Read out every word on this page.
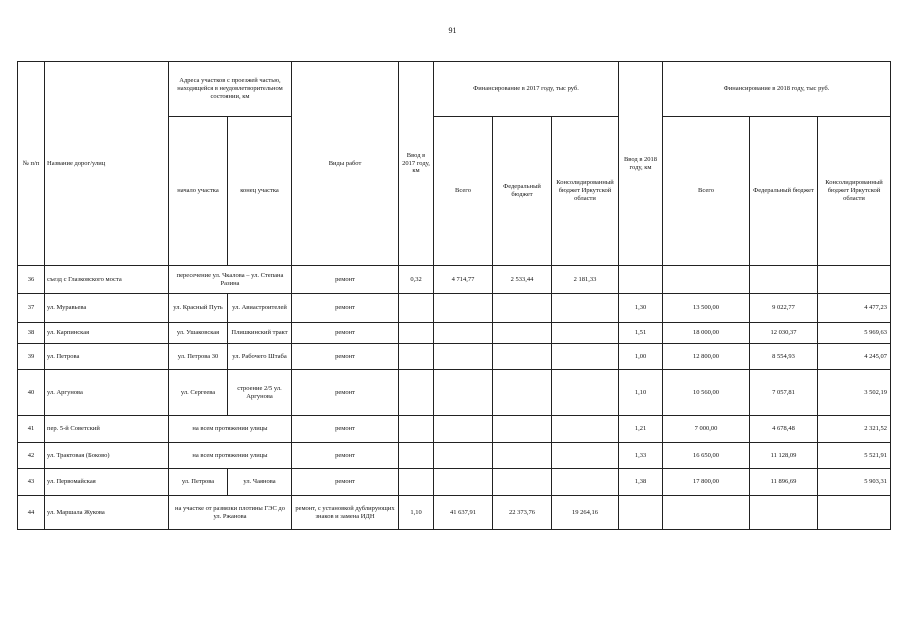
91
№ п/п	Название дорог/улиц	Адреса участков с проезжей частью, находящейся в неудовлетворительном состоянии, км		Виды работ	Ввод в 2017 году, км	Финансирование в 2017 году, тыс руб.			Ввод в 2018 году, км	Финансирование в 2018 году, тыс руб.		
		начало участка	конец участка			Всего	Федеральный бюджет	Консолидированный бюджет Иркутской области		Всего	Федеральный бюджет	Консолидированный бюджет Иркутской области
36	съезд с Глазковского моста	пересечение ул. Чкалова – ул. Степана Разина		ремонт	0,32	4 714,77	2 533,44	2 181,33				
37	ул. Муравьева	ул. Красный Путь	ул. Авиастроителей	ремонт					1,30	13 500,00	9 022,77	4 477,23
38	ул. Карпинская	ул. Ушаковская	Плишкинский тракт	ремонт					1,51	18 000,00	12 030,37	5 969,63
39	ул. Петрова	ул. Петрова 30	ул. Рабочего Штаба	ремонт					1,00	12 800,00	8 554,93	4 245,07
40	ул. Аргунова	ул. Сергеева	строение 2/5 ул. Аргунова	ремонт					1,10	10 560,00	7 057,81	3 502,19
41	пер. 5-й Советский	на всем протяжении улицы		ремонт					1,21	7 000,00	4 678,48	2 321,52
42	ул. Трактовая (Боково)	на всем протяжении улицы		ремонт					1,33	16 650,00	11 128,09	5 521,91
43	ул. Первомайская	ул. Петрова	ул. Чаянова	ремонт					1,38	17 800,00	11 896,69	5 903,31
44	ул. Маршала Жукова	на участке от развязки плотины ГЭС до ул. Ржанова		ремонт, с установкой дублирующих знаков и замена ИДН	1,10	41 637,91	22 373,76	19 264,16				
